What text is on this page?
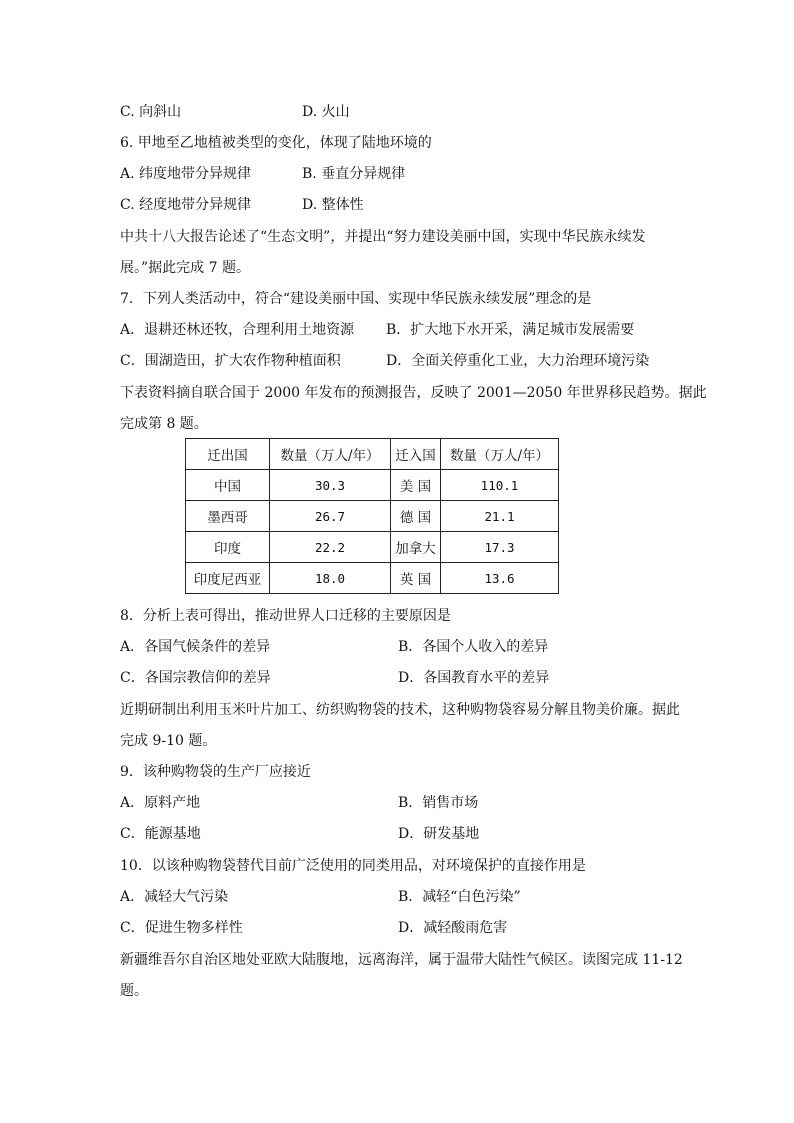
C. 向斜山	D. 火山
6. 甲地至乙地植被类型的变化，体现了陆地环境的
A. 纬度地带分异规律	B. 垂直分异规律
C. 经度地带分异规律	D. 整体性
中共十八大报告论述了“生态文明”，并提出“努力建设美丽中国，实现中华民族永续发
展。”据此完成 7 题。
7．下列人类活动中，符合“建设美丽中国、实现中华民族永续发展”理念的是
A．退耕还林还牧，合理利用土地资源 B．扩大地下水开采，满足城市发展需要
C．围湖造田，扩大农作物种植面积	D．全面关停重化工业，大力治理环境污染
下表资料摘自联合国于 2000 年发布的预测报告，反映了 2001—2050 年世界移民趋势。据此
完成第 8 题。
迁出国	数量（万人/年）	迁入国	数量（万人/年）
中国	30.3	美 国	110.1
墨西哥	26.7	德 国	21.1
印度	22.2	加拿大	17.3
印度尼西亚	18.0	英 国	13.6
8．分析上表可得出，推动世界人口迁移的主要原因是
A．各国气候条件的差异	B．各国个人收入的差异
C．各国宗教信仰的差异	D．各国教育水平的差异
近期研制出利用玉米叶片加工、纺织购物袋的技术，这种购物袋容易分解且物美价廉。据此
完成 9-10 题。
9．该种购物袋的生产厂应接近
A．原料产地	B．销售市场
C．能源基地	D．研发基地
10．以该种购物袋替代目前广泛使用的同类用品，对环境保护的直接作用是
A．减轻大气污染	B．减轻“白色污染”
C．促进生物多样性	D．减轻酸雨危害
新疆维吾尔自治区地处亚欧大陆腹地，远离海洋，属于温带大陆性气候区。读图完成 11-12
题。
